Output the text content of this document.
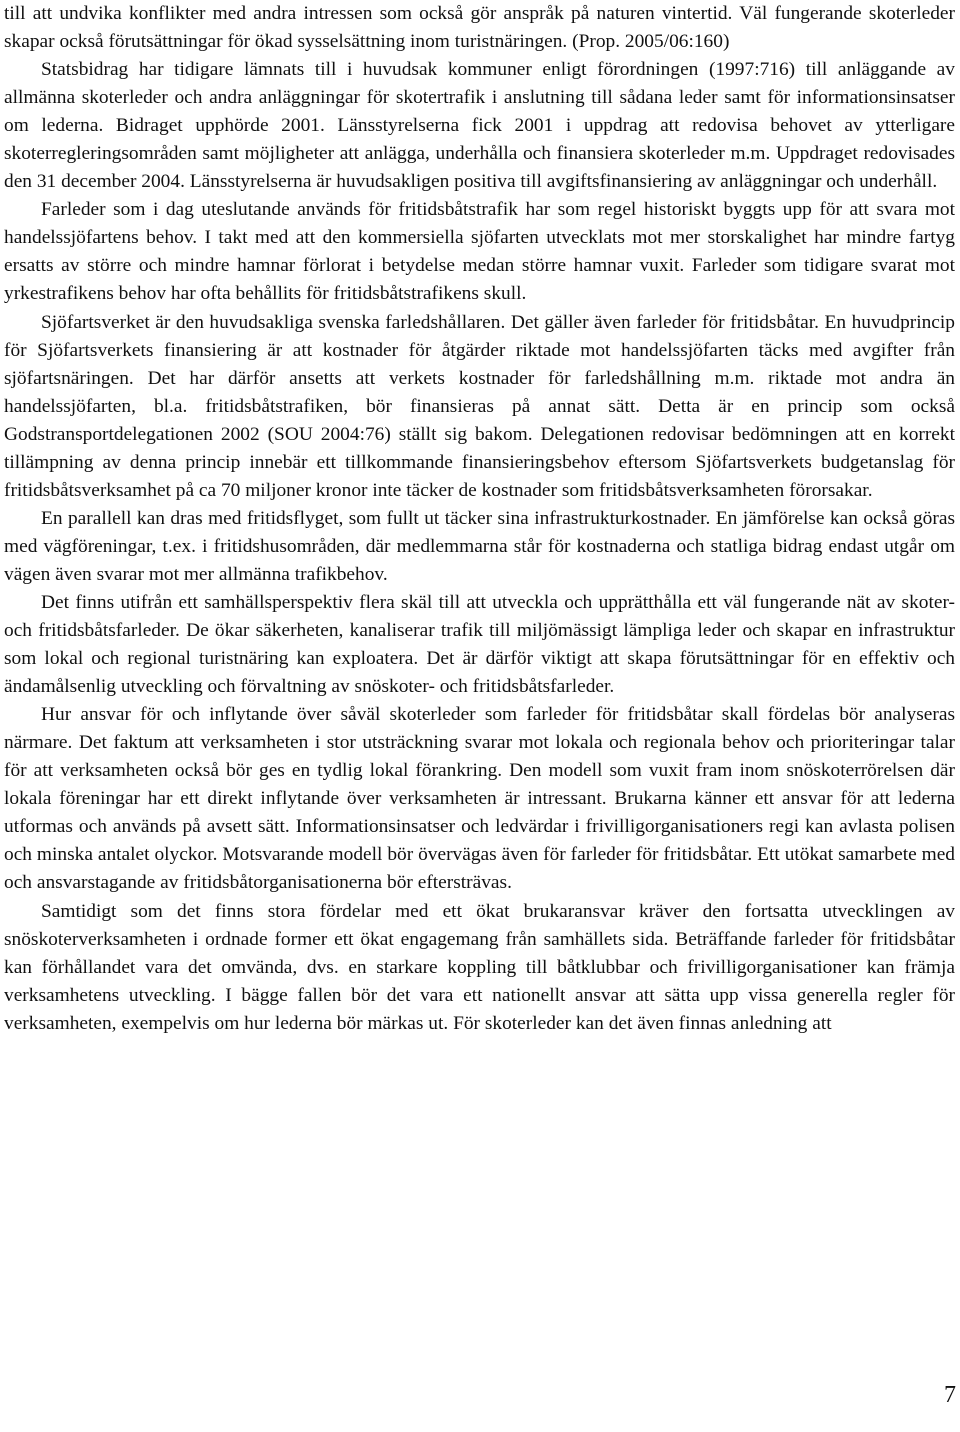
till att undvika konflikter med andra intressen som också gör anspråk på naturen vintertid. Väl fungerande skoterleder skapar också förutsättningar för ökad sysselsättning inom turistnäringen. (Prop. 2005/06:160)

Statsbidrag har tidigare lämnats till i huvudsak kommuner enligt förordningen (1997:716) till anläggande av allmänna skoterleder och andra anläggningar för skotertrafik i anslutning till sådana leder samt för informationsinsatser om lederna. Bidraget upphörde 2001. Länsstyrelserna fick 2001 i uppdrag att redovisa behovet av ytterligare skoterregleringsområden samt möjligheter att anlägga, underhålla och finansiera skoterleder m.m. Uppdraget redovisades den 31 december 2004. Länsstyrelserna är huvudsakligen positiva till avgiftsfinansiering av anläggningar och underhåll.

Farleder som i dag uteslutande används för fritidsbåtstrafik har som regel historiskt byggts upp för att svara mot handelssjöfartens behov. I takt med att den kommersiella sjöfarten utvecklats mot mer storskalighet har mindre fartyg ersatts av större och mindre hamnar förlorat i betydelse medan större hamnar vuxit. Farleder som tidigare svarat mot yrkestrafikens behov har ofta behållits för fritidsbåtstrafikens skull.

Sjöfartsverket är den huvudsakliga svenska farledshållaren. Det gäller även farleder för fritidsbåtar. En huvudprincip för Sjöfartsverkets finansiering är att kostnader för åtgärder riktade mot handelssjöfarten täcks med avgifter från sjöfartsnäringen. Det har därför ansetts att verkets kostnader för farledshållning m.m. riktade mot andra än handelssjöfarten, bl.a. fritidsbåtstrafiken, bör finansieras på annat sätt. Detta är en princip som också Godstransportdelegationen 2002 (SOU 2004:76) ställt sig bakom. Delegationen redovisar bedömningen att en korrekt tillämpning av denna princip innebär ett tillkommande finansieringsbehov eftersom Sjöfartsverkets budgetanslag för fritidsbåtsverksamhet på ca 70 miljoner kronor inte täcker de kostnader som fritidsbåtsverksamheten förorsakar.

En parallell kan dras med fritidsflyget, som fullt ut täcker sina infrastrukturkostnader. En jämförelse kan också göras med vägföreningar, t.ex. i fritidshusområden, där medlemmarna står för kostnaderna och statliga bidrag endast utgår om vägen även svarar mot mer allmänna trafikbehov.

Det finns utifrån ett samhällsperspektiv flera skäl till att utveckla och upprätthålla ett väl fungerande nät av skoter- och fritidsbåtsfarleder. De ökar säkerheten, kanaliserar trafik till miljömässigt lämpliga leder och skapar en infrastruktur som lokal och regional turistnäring kan exploatera. Det är därför viktigt att skapa förutsättningar för en effektiv och ändamålsenlig utveckling och förvaltning av snöskoter- och fritidsbåtsfarleder.

Hur ansvar för och inflytande över såväl skoterleder som farleder för fritidsbåtar skall fördelas bör analyseras närmare. Det faktum att verksamheten i stor utsträckning svarar mot lokala och regionala behov och prioriteringar talar för att verksamheten också bör ges en tydlig lokal förankring. Den modell som vuxit fram inom snöskoterrörelsen där lokala föreningar har ett direkt inflytande över verksamheten är intressant. Brukarna känner ett ansvar för att lederna utformas och används på avsett sätt. Informationsinsatser och ledvärdar i frivilligorganisationers regi kan avlasta polisen och minska antalet olyckor. Motsvarande modell bör övervägas även för farleder för fritidsbåtar. Ett utökat samarbete med och ansvarstagande av fritidsbåtorganisationerna bör eftersträvas.

Samtidigt som det finns stora fördelar med ett ökat brukaransvar kräver den fortsatta utvecklingen av snöskoterverksamheten i ordnade former ett ökat engagemang från samhällets sida. Beträffande farleder för fritidsbåtar kan förhållandet vara det omvända, dvs. en starkare koppling till båtklubbar och frivilligorganisationer kan främja verksamhetens utveckling. I bägge fallen bör det vara ett nationellt ansvar att sätta upp vissa generella regler för verksamheten, exempelvis om hur lederna bör märkas ut. För skoterleder kan det även finnas anledning att

7
